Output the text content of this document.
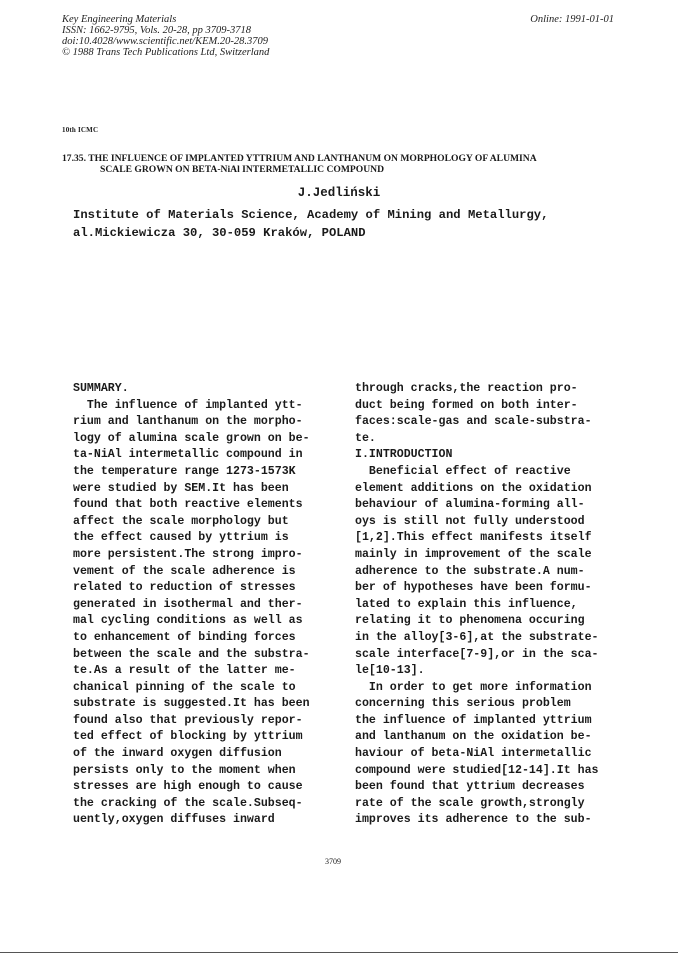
Key Engineering Materials
ISSN: 1662-9795, Vols. 20-28, pp 3709-3718
doi:10.4028/www.scientific.net/KEM.20-28.3709
© 1988 Trans Tech Publications Ltd, Switzerland
Online: 1991-01-01
10th ICMC
17.35. THE INFLUENCE OF IMPLANTED YTTRIUM AND LANTHANUM ON MORPHOLOGY OF ALUMINA
SCALE GROWN ON BETA-NiAl INTERMETALLIC COMPOUND
J.Jedliński
Institute of Materials Science, Academy of Mining and Metallurgy,
al.Mickiewicza 30, 30-059 Kraków, POLAND
SUMMARY.
The influence of implanted ytt-
rium and lanthanum on the morpho-
logy of alumina scale grown on be-
ta-NiAl intermetallic compound in
the temperature range 1273-1573K
were studied by SEM.It has been
found that both reactive elements
affect the scale morphology but
the effect caused by yttrium is
more persistent.The strong impro-
vement of the scale adherence is
related to reduction of stresses
generated in isothermal and ther-
mal cycling conditions as well as
to enhancement of binding forces
between the scale and the substra-
te.As a result of the latter me-
chanical pinning of the scale to
substrate is suggested.It has been
found also that previously repor-
ted effect of blocking by yttrium
of the inward oxygen diffusion
persists only to the moment when
stresses are high enough to cause
the cracking of the scale.Subseq-
uently,oxygen diffuses inward
through cracks,the reaction pro-
duct being formed on both inter-
faces:scale-gas and scale-substra-
te.
I.INTRODUCTION
Beneficial effect of reactive
element additions on the oxidation
behaviour of alumina-forming all-
oys is still not fully understood
[1,2].This effect manifests itself
mainly in improvement of the scale
adherence to the substrate.A num-
ber of hypotheses have been formu-
lated to explain this influence,
relating it to phenomena occuring
in the alloy[3-6],at the substrate-
scale interface[7-9],or in the sca-
le[10-13].
In order to get more information
concerning this serious problem
the influence of implanted yttrium
and lanthanum on the oxidation be-
haviour of beta-NiAl intermetallic
compound were studied[12-14].It has
been found that yttrium decreases
rate of the scale growth,strongly
improves its adherence to the sub-
3709
